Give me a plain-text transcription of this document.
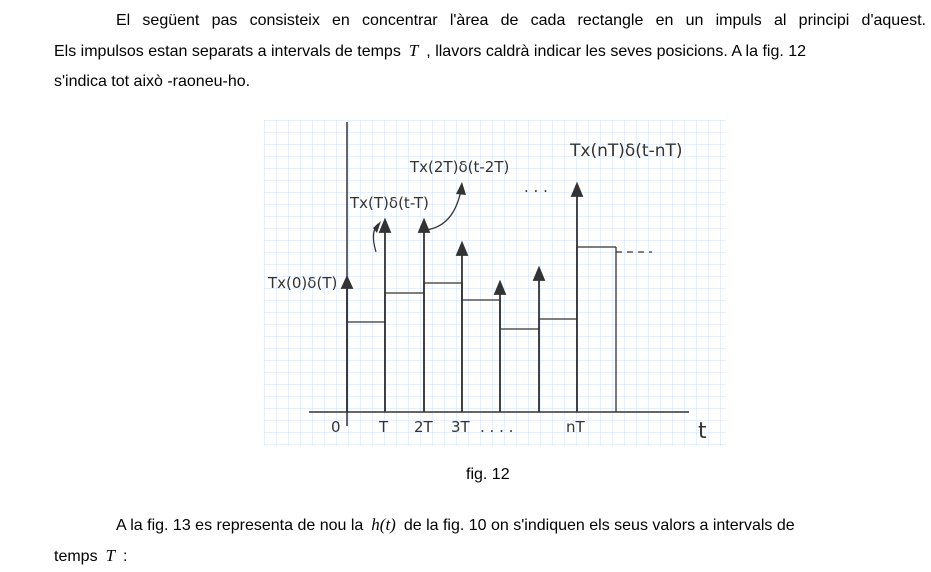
El següent pas consisteix en concentrar l'àrea de cada rectangle en un impuls al principi d'aquest.
Els impulsos estan separats a intervals de temps T , llavors caldrà indicar les seves posicions. A la fig. 12
s'indica tot això -raoneu-ho.
Tx(0)δ(T)
Tx(T)δ(t-T)
Tx(2T)δ(t-2T)
Tx(nT)δ(t-nT)
. . .
0	T 2T 3T . . . .	nT	t
fig. 12
A la fig. 13 es representa de nou la h(t) de la fig. 10 on s'indiquen els seus valors a intervals de
temps T :
